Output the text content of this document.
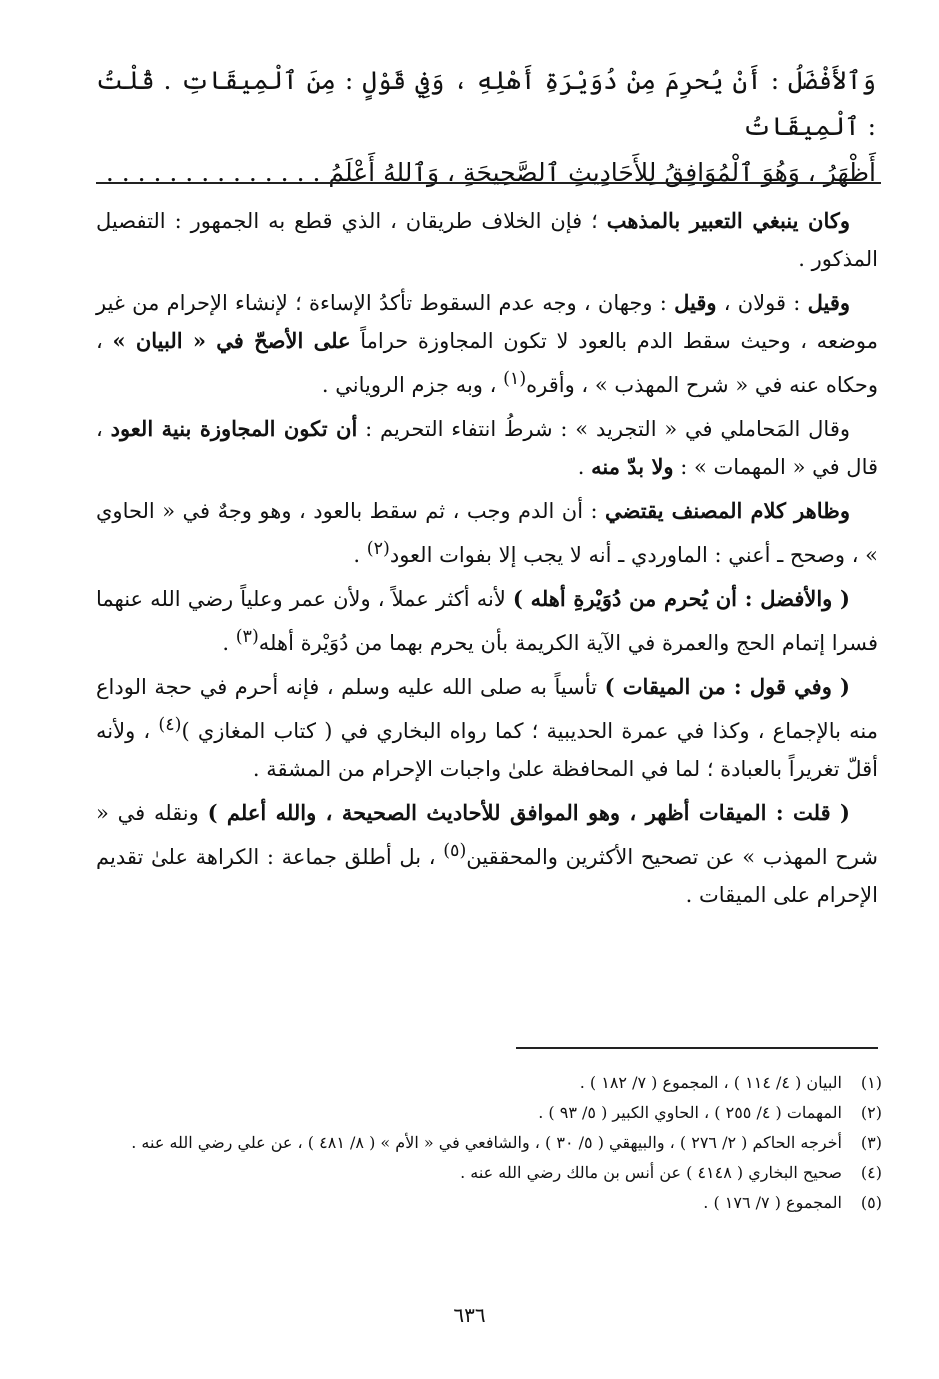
وَٱلأَفْضَلُ : أَنْ يُحرِمَ مِنْ دُوَيْرَةِ أَهْلِهِ ، وَفِي قَوْلٍ : مِنَ ٱلْمِيقَاتِ . قُلْتُ : ٱلْمِيقَاتُ

أَظْهَرُ ، وَهُوَ ٱلْمُوَافِقُ لِلأَحَادِيثِ ٱلصَّحِيحَةِ ، وَٱللهُ أَعْلَمُ . . . . . . . . . . . . . .

وكان ينبغي التعبير بالمذهب ؛ فإن الخلاف طريقان ، الذي قطع به الجمهور : التفصيل المذكور .

وقيل : قولان ، وقيل : وجهان ، وجه عدم السقوط تأكدُ الإساءة ؛ لإنشاء الإحرام من غير موضعه ، وحيث سقط الدم بالعود لا تكون المجاوزة حراماً على الأصحّ في « البيان » ، وحكاه عنه في « شرح المهذب » ، وأقره$^{(١)}$ ، وبه جزم الروياني .

وقال المَحاملي في « التجريد » : شرطُ انتفاء التحريم : أن تكون المجاوزة بنية العود ، قال في « المهمات » : ولا بدّ منه .

وظاهر كلام المصنف يقتضي : أن الدم وجب ، ثم سقط بالعود ، وهو وجهٌ في « الحاوي » ، وصحح ـ أعني : الماوردي ـ أنه لا يجب إلا بفوات العود$^{(٢)}$ .

( والأفضل : أن يُحرم من دُوَيْرةِ أهله ) لأنه أكثر عملاً ، ولأن عمر وعلياً رضي الله عنهما فسرا إتمام الحج والعمرة في الآية الكريمة بأن يحرم بهما من دُوَيْرة أهله$^{(٣)}$ .

( وفي قول : من الميقات ) تأسياً به صلى الله عليه وسلم ، فإنه أحرم في حجة الوداع منه بالإجماع ، وكذا في عمرة الحديبية ؛ كما رواه البخاري في ( كتاب المغازي )$^{(٤)}$ ، ولأنه أقلّ تغريراً بالعبادة ؛ لما في المحافظة علىٰ واجبات الإحرام من المشقة .

( قلت : الميقات أظهر ، وهو الموافق للأحاديث الصحيحة ، والله أعلم ) ونقله في « شرح المهذب » عن تصحيح الأكثرين والمحققين$^{(٥)}$ ، بل أطلق جماعة : الكراهة علىٰ تقديم الإحرام على الميقات .

(١)
البيان ( ٤/ ١١٤ ) ، المجموع ( ٧/ ١٨٢ ) .
(٢)
المهمات ( ٤/ ٢٥٥ ) ، الحاوي الكبير ( ٥/ ٩٣ ) .
(٣)
أخرجه الحاكم ( ٢/ ٢٧٦ ) ، والبيهقي ( ٥/ ٣٠ ) ، والشافعي في « الأم » ( ٨/ ٤٨١ ) ، عن علي رضي الله عنه .
(٤)
صحيح البخاري ( ٤١٤٨ ) عن أنس بن مالك رضي الله عنه .
(٥)
المجموع ( ٧/ ١٧٦ ) .
٦٣٦
